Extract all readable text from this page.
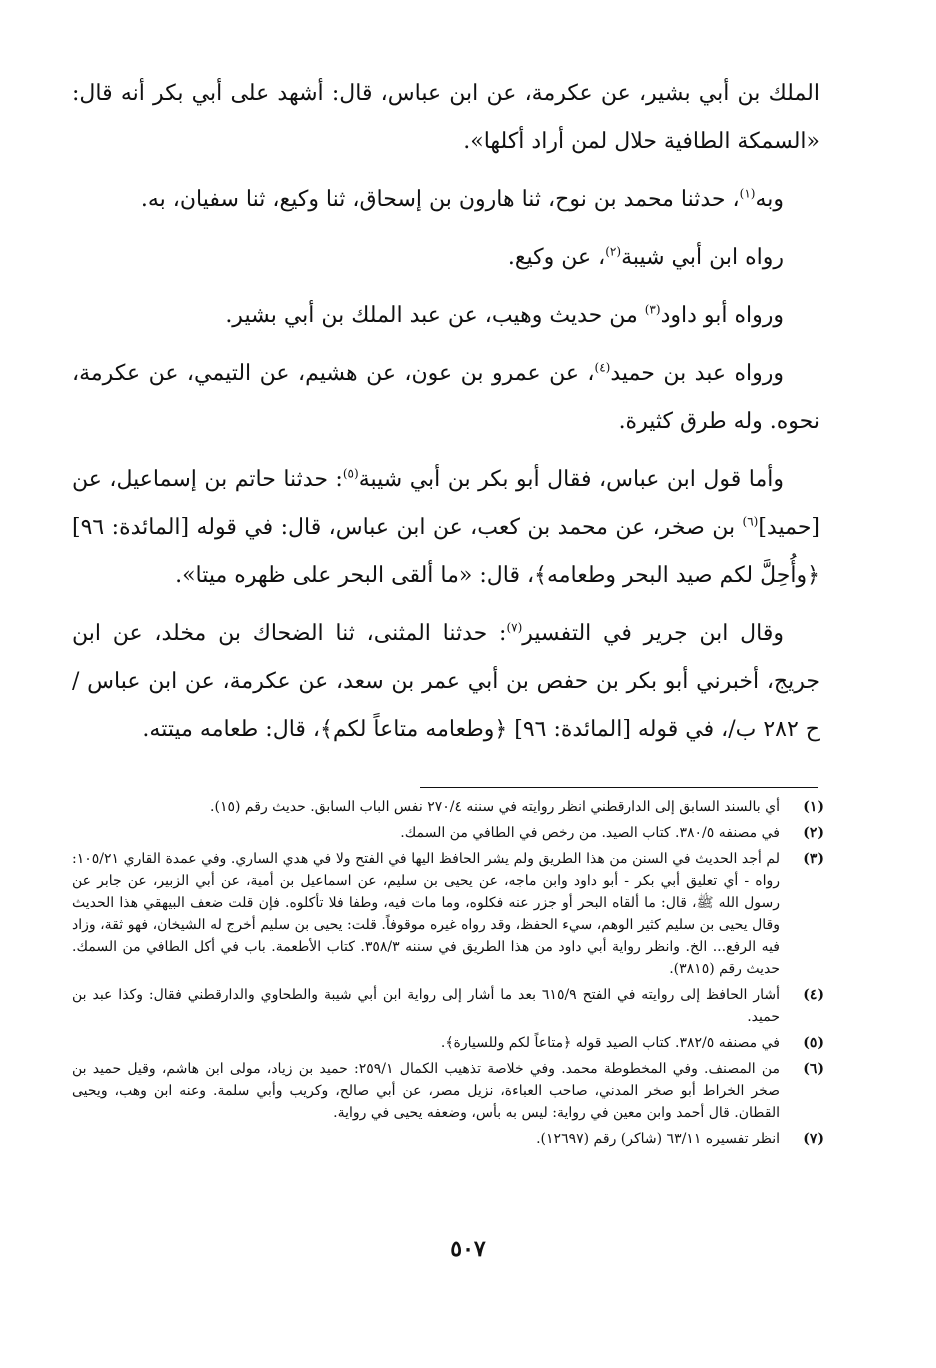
الملك بن أبي بشير، عن عكرمة، عن ابن عباس، قال: أشهد على أبي بكر أنه قال: «السمكة الطافية حلال لمن أراد أكلها».

وبه$^{(١)}$، حدثنا محمد بن نوح، ثنا هارون بن إسحاق، ثنا وكيع، ثنا سفيان، به.

رواه ابن أبي شيبة$^{(٢)}$، عن وكيع.

ورواه أبو داود$^{(٣)}$ من حديث وهيب، عن عبد الملك بن أبي بشير.

ورواه عبد بن حميد$^{(٤)}$، عن عمرو بن عون، عن هشيم، عن التيمي، عن عكرمة، نحوه. وله طرق كثيرة.

وأما قول ابن عباس، فقال أبو بكر بن أبي شيبة$^{(٥)}$: حدثنا حاتم بن إسماعيل، عن [حميد]$^{(٦)}$ بن صخر، عن محمد بن كعب، عن ابن عباس، قال: في قوله [المائدة: ٩٦] ﴿وأُحِلَّ لكم صيد البحر وطعامه﴾، قال: «ما ألقى البحر على ظهره ميتا».

وقال ابن جرير في التفسير$^{(٧)}$: حدثنا المثنى، ثنا الضحاك بن مخلد، عن ابن جريج، أخبرني أبو بكر بن حفص بن أبي عمر بن سعد، عن عكرمة، عن ابن عباس /ح ٢٨٢ ب/، في قوله [المائدة: ٩٦] ﴿وطعامه متاعاً لكم﴾، قال: طعامه ميتته.

(١)
أي بالسند السابق إلى الدارقطني انظر روايته في سننه ٢٧٠/٤ نفس الباب السابق. حديث رقم (١٥).
(٢)
في مصنفه ٣٨٠/٥. كتاب الصيد. من رخص في الطافي من السمك.
(٣)
لم أجد الحديث في السنن من هذا الطريق ولم يشر الحافظ اليها في الفتح ولا في هدي الساري. وفي عمدة القاري ١٠٥/٢١: رواه - أي تعليق أبي بكر - أبو داود وابن ماجه، عن يحيى بن سليم، عن اسماعيل بن أمية، عن أبي الزبير، عن جابر عن رسول الله ﷺ، قال: ما ألقاه البحر أو جزر عنه فكلوه، وما مات فيه، وطفا فلا تأكلوه. فإن قلت ضعف البيهقي هذا الحديث وقال يحيى بن سليم كثير الوهم، سيء الحفظ، وقد رواه غيره موقوفاً. قلت: يحيى بن سليم أخرج له الشيخان، فهو ثقة، وزاد فيه الرفع... الخ. وانظر رواية أبي داود من هذا الطريق في سننه ٣٥٨/٣. كتاب الأطعمة. باب في أكل الطافي من السمك. حديث رقم (٣٨١٥).
(٤)
أشار الحافظ إلى روايته في الفتح ٦١٥/٩ بعد ما أشار إلى رواية ابن أبي شيبة والطحاوي والدارقطني فقال: وكذا عبد بن حميد.
(٥)
في مصنفه ٣٨٢/٥. كتاب الصيد قوله ﴿متاعاً لكم وللسيارة﴾.
(٦)
من المصنف. وفي المخطوطة محمد. وفي خلاصة تذهيب الكمال ٢٥٩/١: حميد بن زياد، مولى ابن هاشم، وقيل حميد بن صخر الخراط أبو صخر المدني، صاحب العباءة، نزيل مصر، عن أبي صالح، وكريب وأبي سلمة. وعنه ابن وهب، ويحيى القطان. قال أحمد وابن معين في رواية: ليس به بأس، وضعفه يحيى في رواية.
(٧)
انظر تفسيره ٦٣/١١ (شاكر) رقم (١٢٦٩٧).
٥٠٧
